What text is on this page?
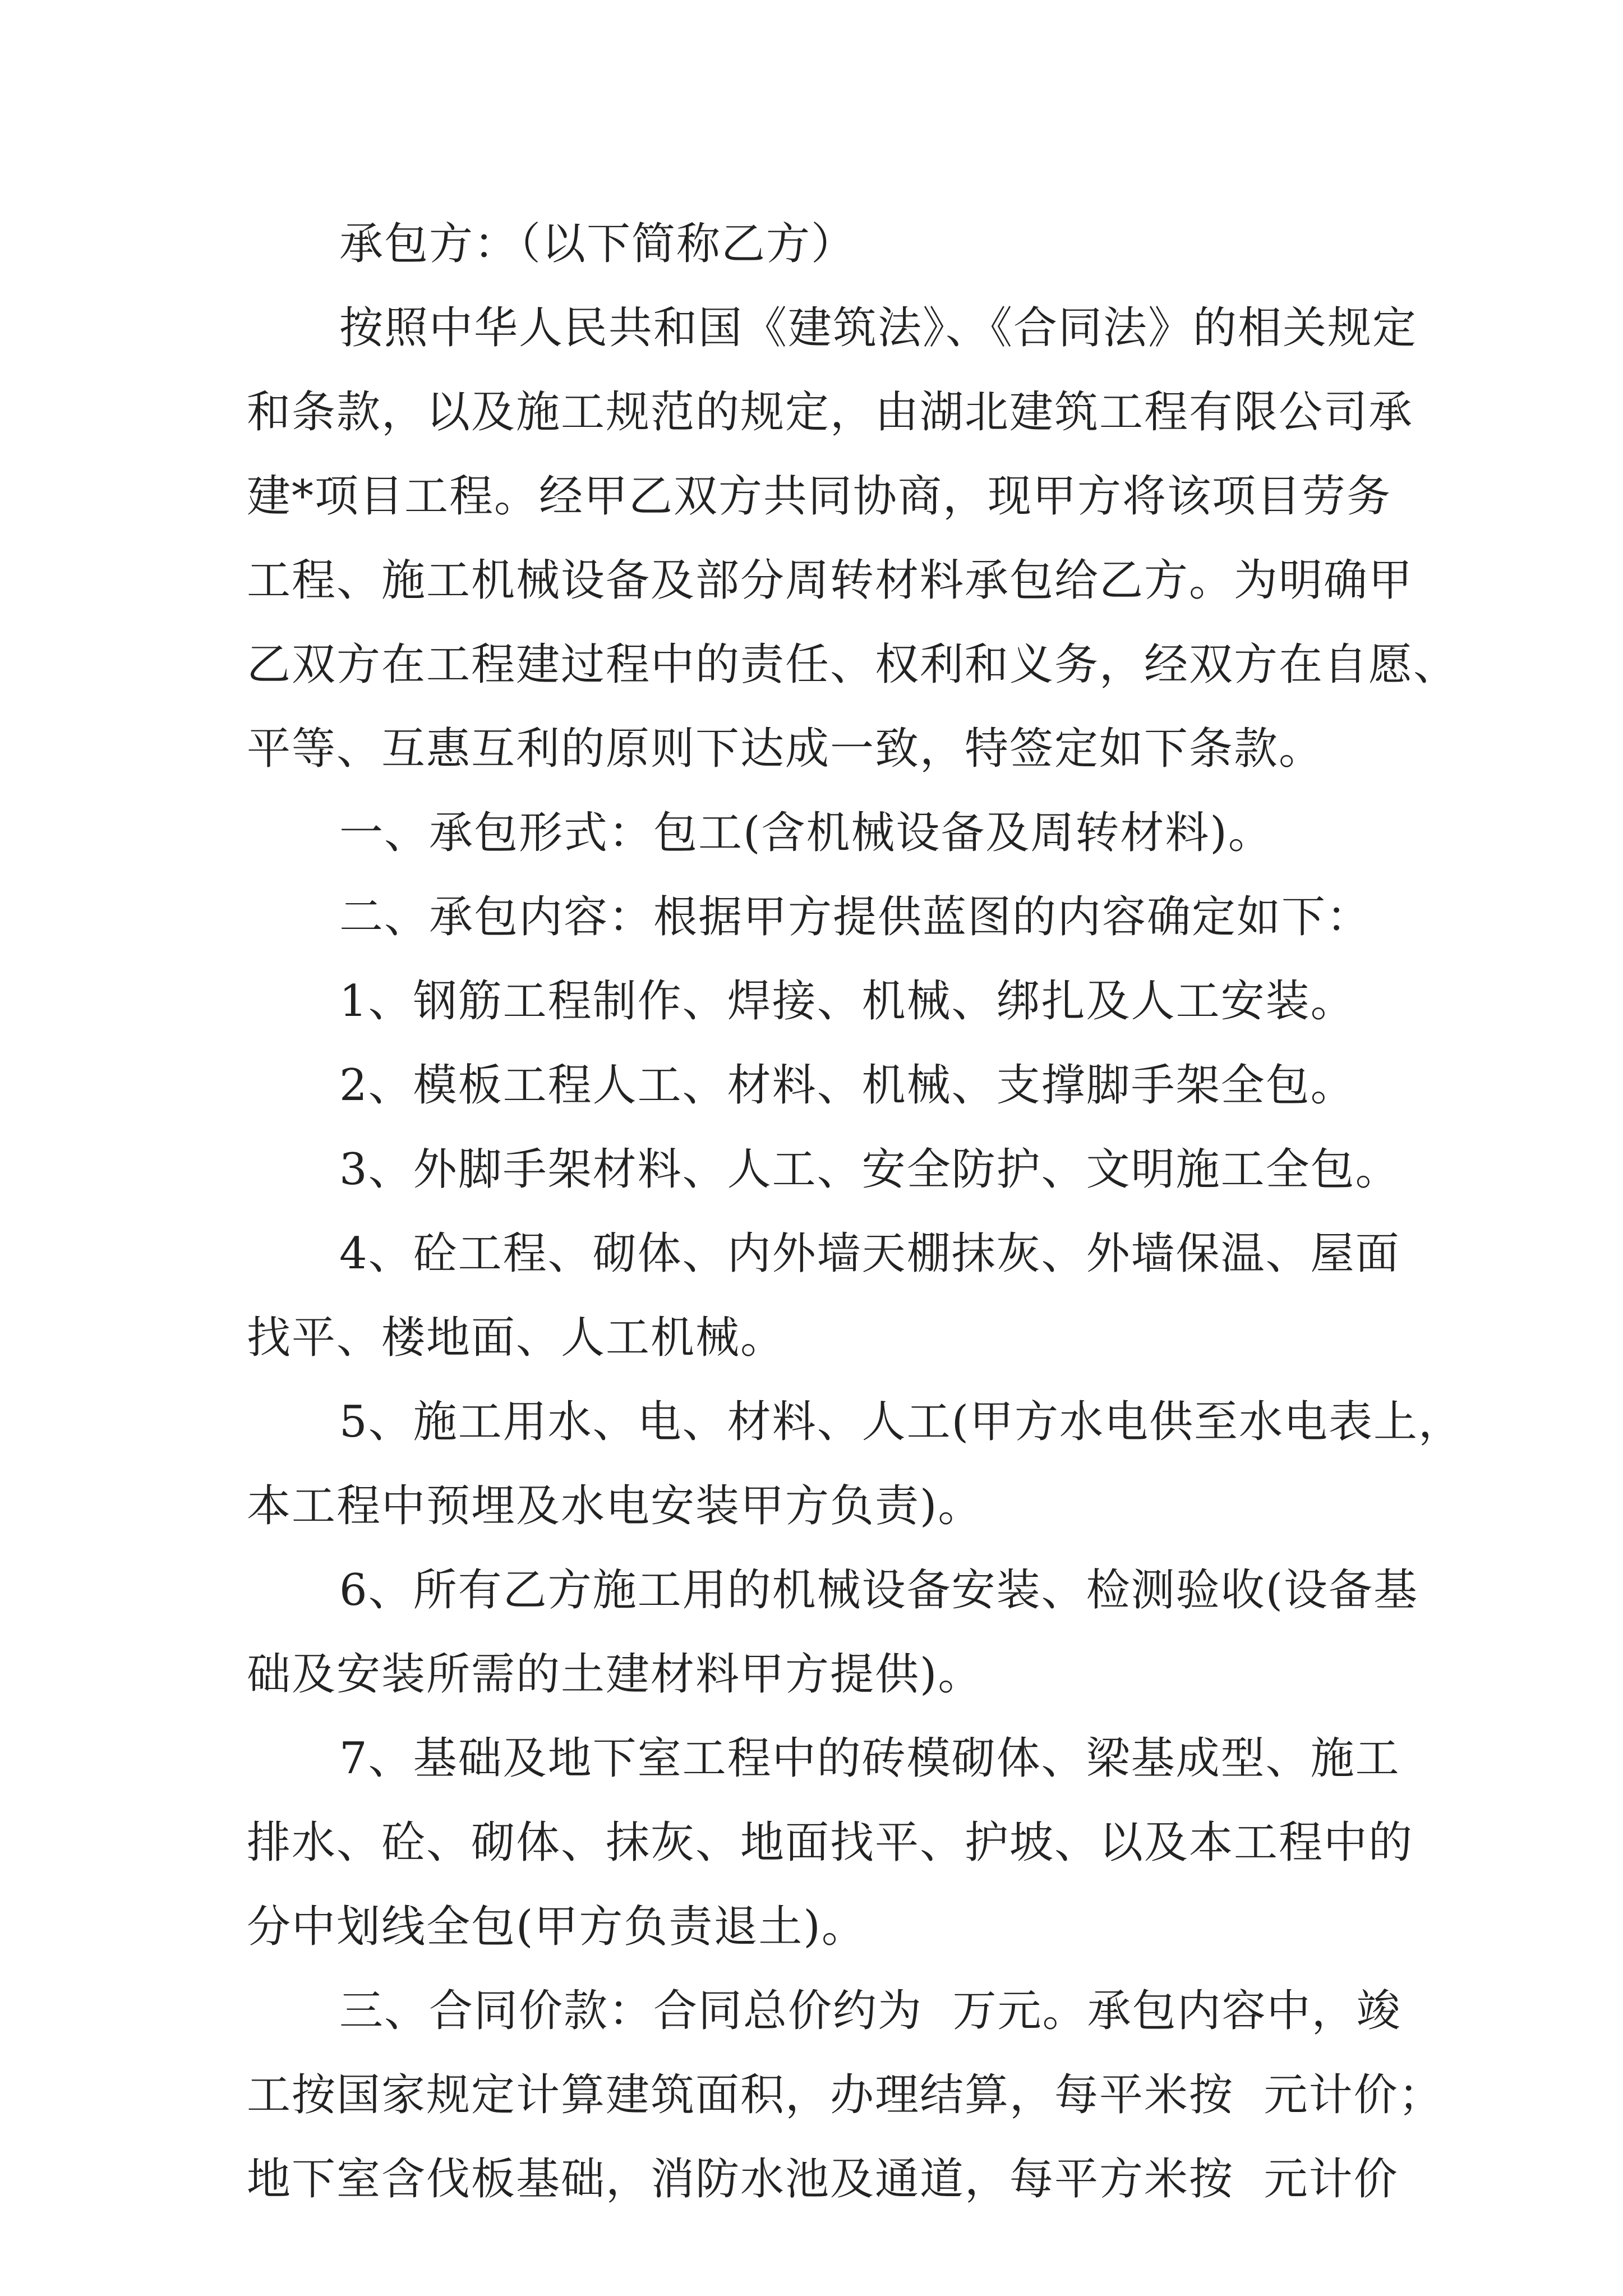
承包方：（以下简称乙方）
按照中华人民共和国《建筑法》、《合同法》的相关规定
和条款，以及施工规范的规定，由湖北建筑工程有限公司承
建*项目工程。经甲乙双方共同协商，现甲方将该项目劳务
工程、施工机械设备及部分周转材料承包给乙方。为明确甲
乙双方在工程建过程中的责任、权利和义务，经双方在自愿、
平等、互惠互利的原则下达成一致，特签定如下条款。
一、承包形式：包工(含机械设备及周转材料)。
二、承包内容：根据甲方提供蓝图的内容确定如下：
1、钢筋工程制作、焊接、机械、绑扎及人工安装。
2、模板工程人工、材料、机械、支撑脚手架全包。
3、外脚手架材料、人工、安全防护、文明施工全包。
4、砼工程、砌体、内外墙天棚抹灰、外墙保温、屋面
找平、楼地面、人工机械。
5、施工用水、电、材料、人工(甲方水电供至水电表上，
本工程中预埋及水电安装甲方负责)。
6、所有乙方施工用的机械设备安装、检测验收(设备基
础及安装所需的土建材料甲方提供)。
7、基础及地下室工程中的砖模砌体、梁基成型、施工
排水、砼、砌体、抹灰、地面找平、护坡、以及本工程中的
分中划线全包(甲方负责退土)。
三、合同价款：合同总价约为  万元。承包内容中，竣
工按国家规定计算建筑面积，办理结算，每平米按  元计价；
地下室含伐板基础，消防水池及通道，每平方米按  元计价
